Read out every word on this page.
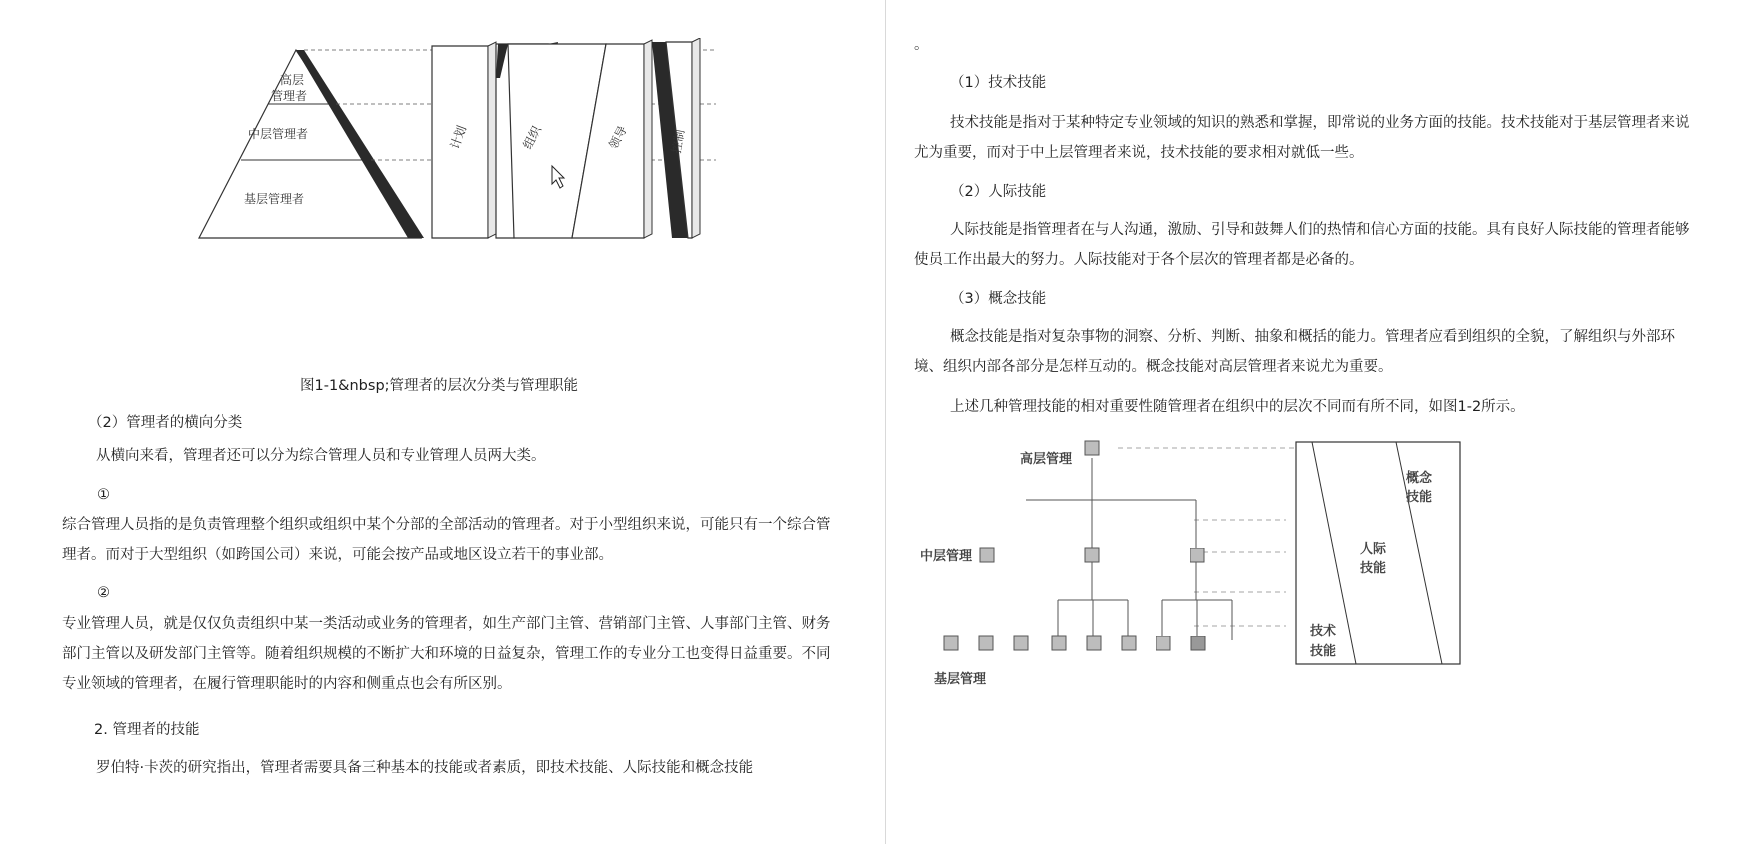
高层
管理者
中层管理者
基层管理者
计划	组织	领导	控制
图1-1&nbsp;管理者的层次分类与管理职能
（2）管理者的横向分类
从横向来看，管理者还可以分为综合管理人员和专业管理人员两大类。
①
综合管理人员指的是负责管理整个组织或组织中某个分部的全部活动的管理者。对于小型组织来说，可能只有一个综合管理者。而对于大型组织（如跨国公司）来说，可能会按产品或地区设立若干的事业部。
②
专业管理人员，就是仅仅负责组织中某一类活动或业务的管理者，如生产部门主管、营销部门主管、人事部门主管、财务部门主管以及研发部门主管等。随着组织规模的不断扩大和环境的日益复杂，管理工作的专业分工也变得日益重要。不同专业领域的管理者，在履行管理职能时的内容和侧重点也会有所区别。
2. 管理者的技能
罗伯特·卡茨的研究指出，管理者需要具备三种基本的技能或者素质，即技术技能、人际技能和概念技能
。
（1）技术技能
技术技能是指对于某种特定专业领域的知识的熟悉和掌握，即常说的业务方面的技能。技术技能对于基层管理者来说尤为重要，而对于中上层管理者来说，技术技能的要求相对就低一些。
（2）人际技能
人际技能是指管理者在与人沟通，激励、引导和鼓舞人们的热情和信心方面的技能。具有良好人际技能的管理者能够使员工作出最大的努力。人际技能对于各个层次的管理者都是必备的。
（3）概念技能
概念技能是指对复杂事物的洞察、分析、判断、抽象和概括的能力。管理者应看到组织的全貌，了解组织与外部环境、组织内部各部分是怎样互动的。概念技能对高层管理者来说尤为重要。
上述几种管理技能的相对重要性随管理者在组织中的层次不同而有所不同，如图1-2所示。
高层管理
中层管理
基层管理
概念
技能
人际
技能
技术
技能
